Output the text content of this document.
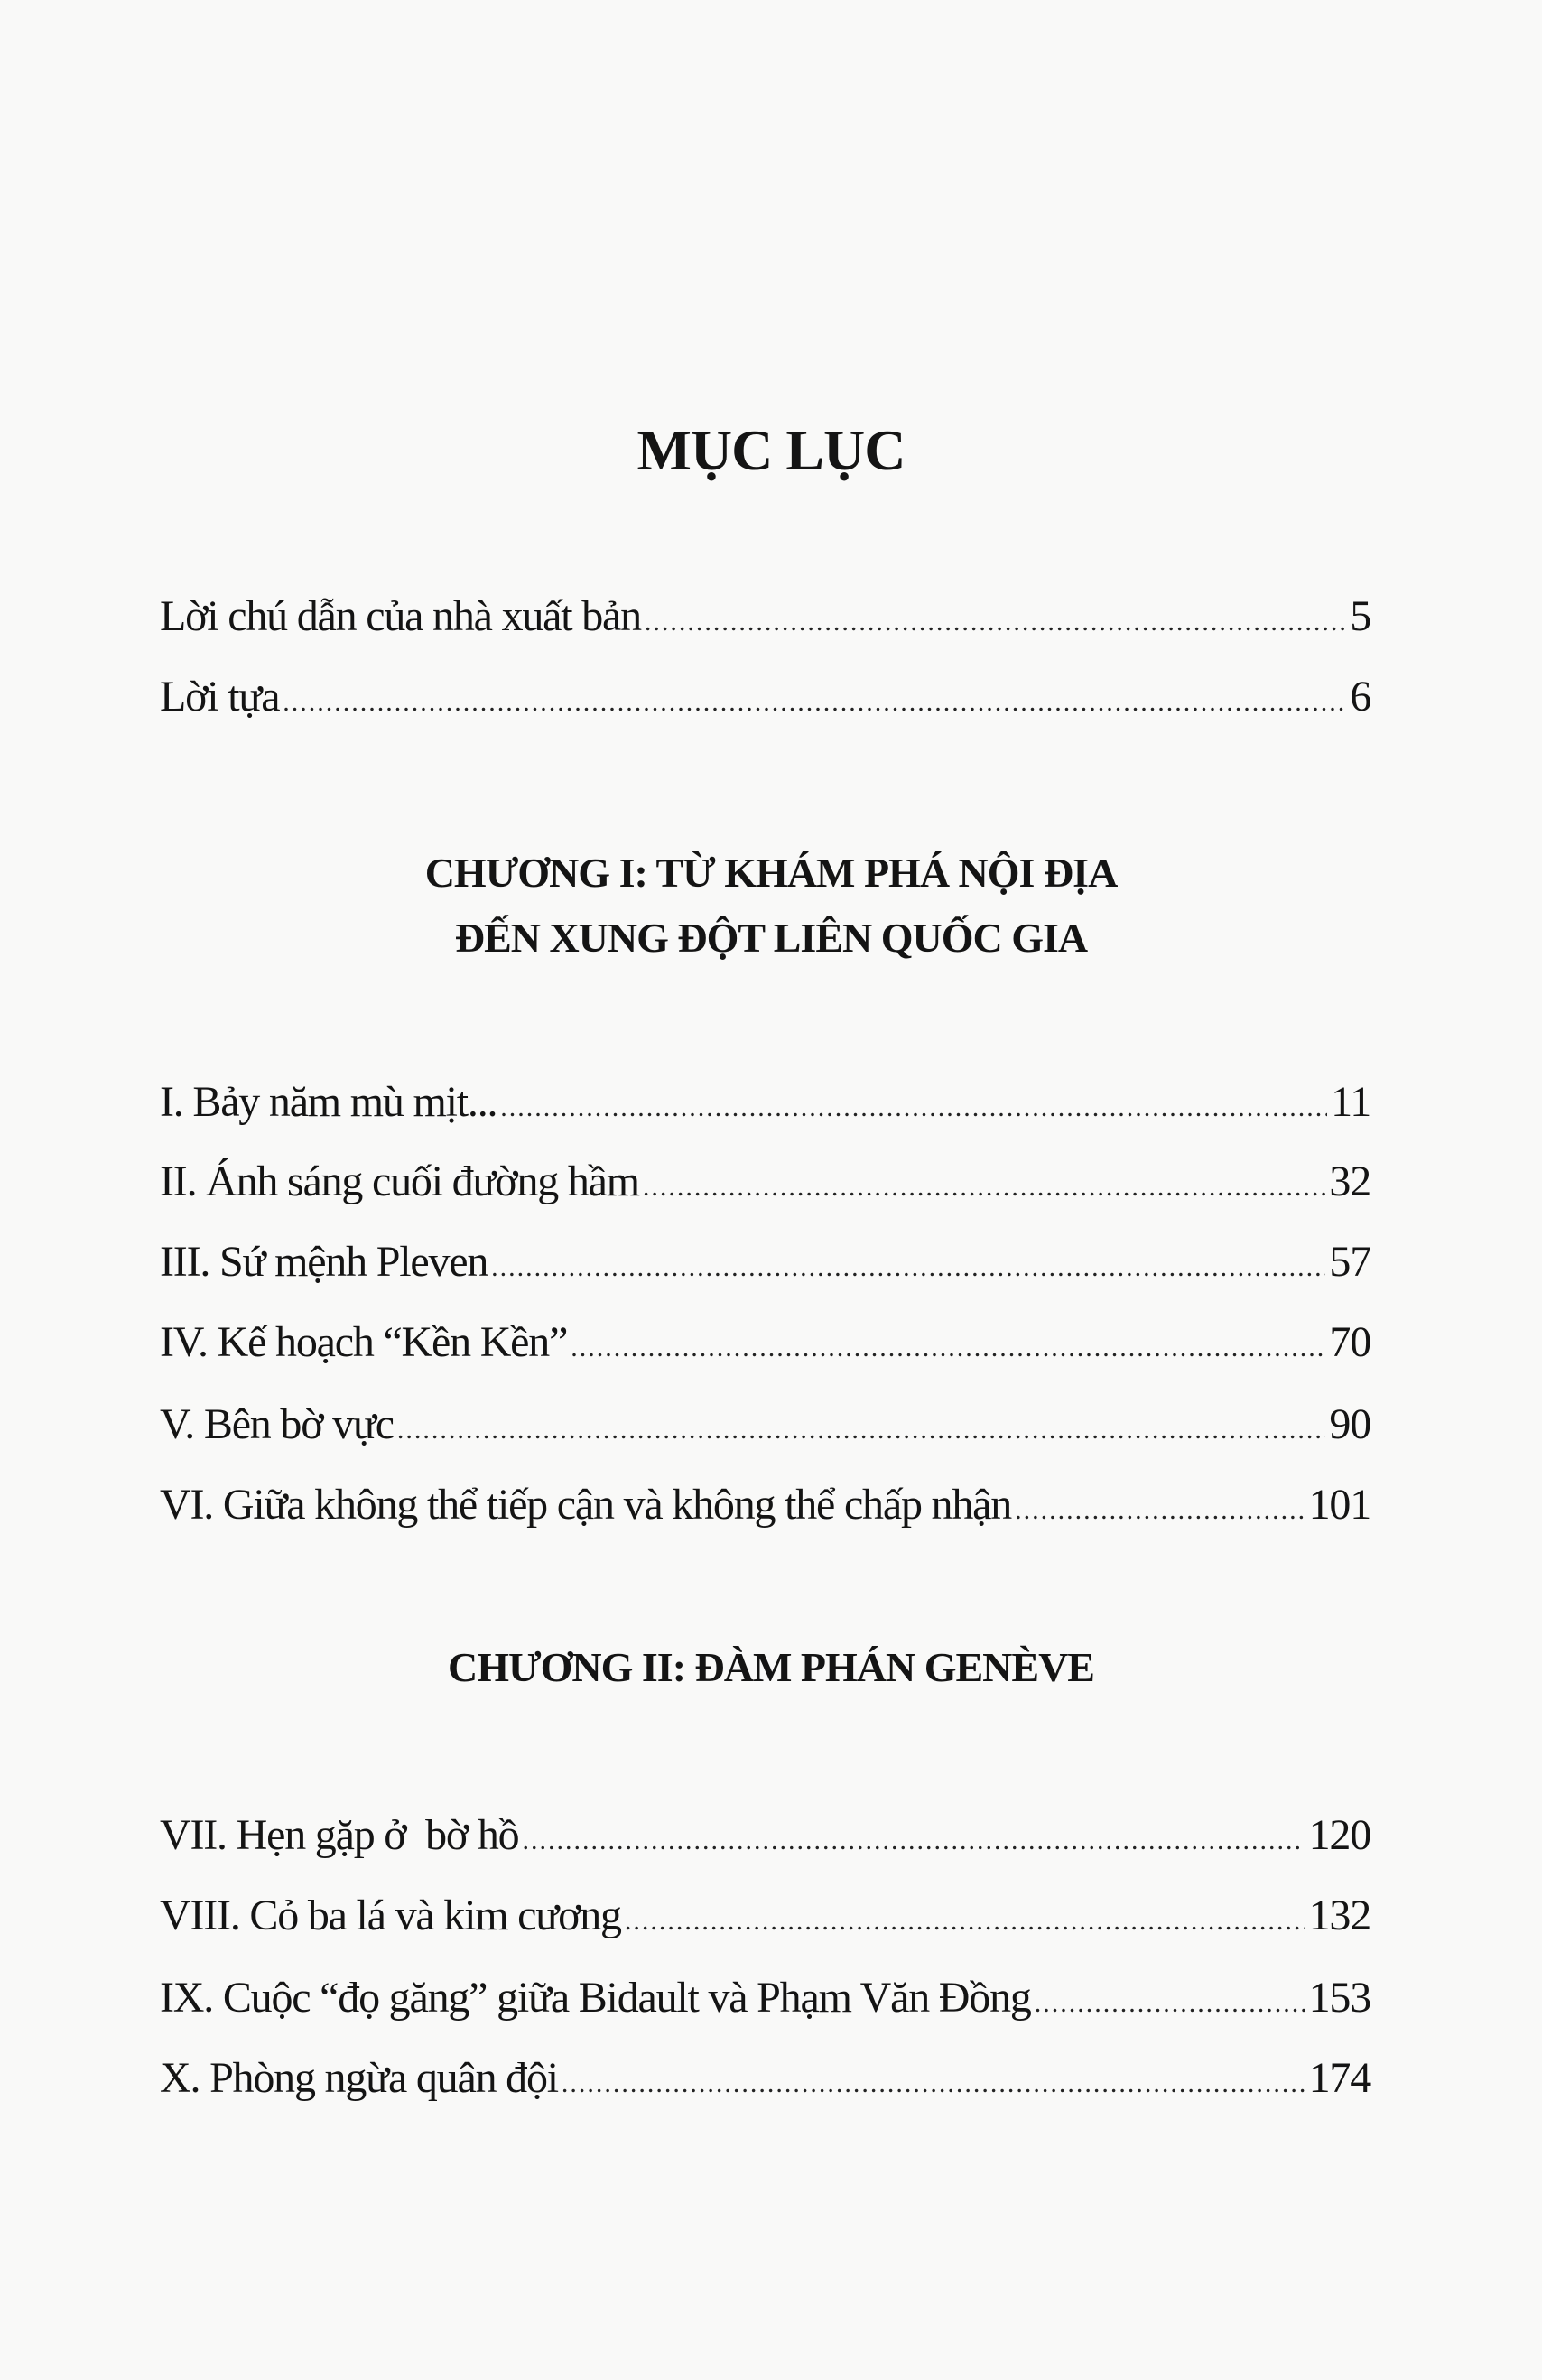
MỤC LỤC
Lời chú dẫn của nhà xuất bản .....	5
Lời tựa .....	6
CHƯƠNG I: TỪ KHÁM PHÁ NỘI ĐỊA
ĐẾN XUNG ĐỘT LIÊN QUỐC GIA
I. Bảy năm mù mịt... .....	11
II. Ánh sáng cuối đường hầm .....	32
III. Sứ mệnh Pleven .....	57
IV. Kế hoạch “Kền Kền” .....	70
V. Bên bờ vực .....	90
VI. Giữa không thể tiếp cận và không thể chấp nhận .....	101
CHƯƠNG II: ĐÀM PHÁN GENÈVE
VII. Hẹn gặp ở  bờ hồ .....	120
VIII. Cỏ ba lá và kim cương .....	132
IX. Cuộc “đọ găng” giữa Bidault và Phạm Văn Đồng .....	153
X. Phòng ngừa quân đội .....	174
